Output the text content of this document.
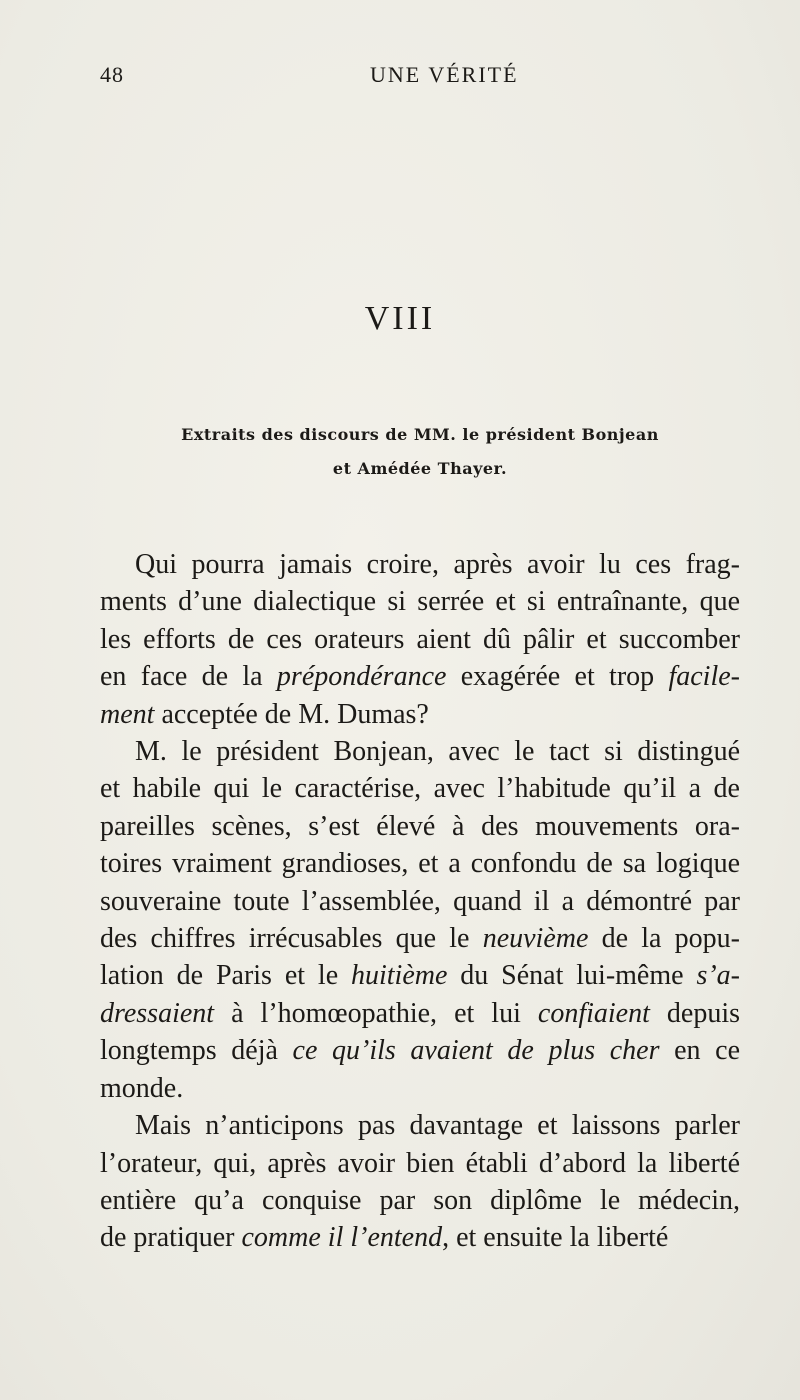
48	UNE VÉRITÉ
VIII
Extraits des discours de MM. le président Bonjean
et Amédée Thayer.
Qui pourra jamais croire, après avoir lu ces frag-
ments d’une dialectique si serrée et si entraînante, que
les efforts de ces orateurs aient dû pâlir et succomber
en face de la prépondérance exagérée et trop facile-
ment acceptée de M. Dumas?
M. le président Bonjean, avec le tact si distingué
et habile qui le caractérise, avec l’habitude qu’il a de
pareilles scènes, s’est élevé à des mouvements ora-
toires vraiment grandioses, et a confondu de sa logique
souveraine toute l’assemblée, quand il a démontré par
des chiffres irrécusables que le neuvième de la popu-
lation de Paris et le huitième du Sénat lui-même s’a-
dressaient à l’homœopathie, et lui confiaient depuis
longtemps déjà ce qu’ils avaient de plus cher en ce
monde.
Mais n’anticipons pas davantage et laissons parler
l’orateur, qui, après avoir bien établi d’abord la liberté
entière qu’a conquise par son diplôme le médecin,
de pratiquer comme il l’entend, et ensuite la liberté
